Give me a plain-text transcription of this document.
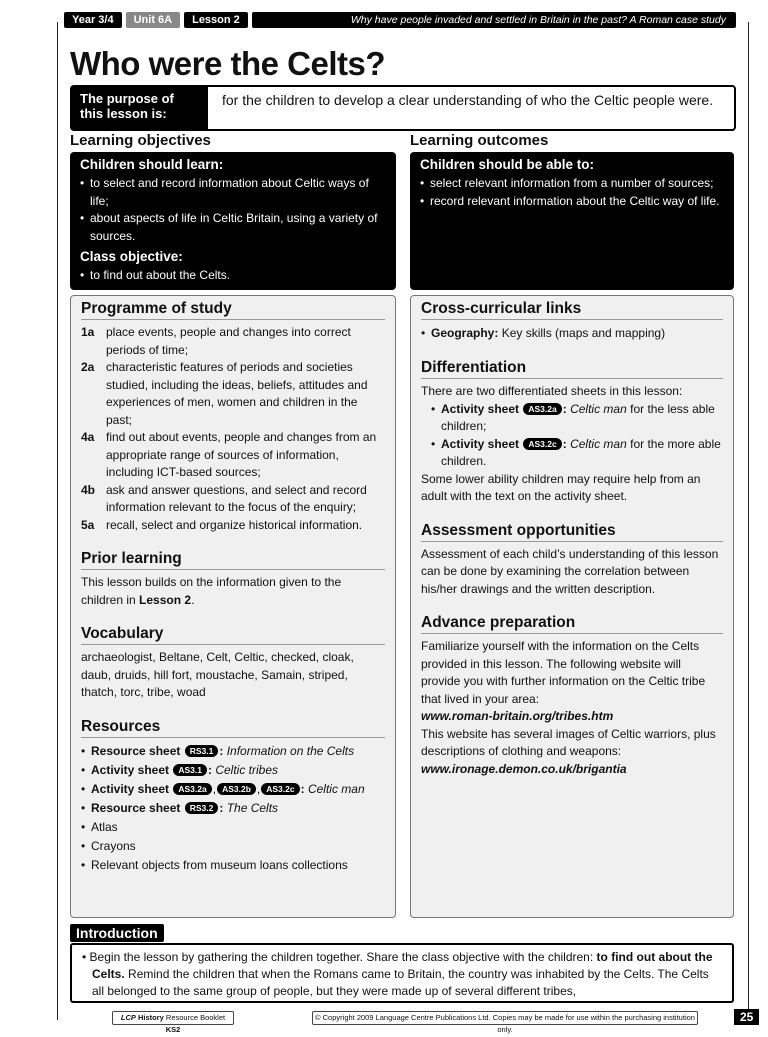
Year 3/4	Unit 6A	Lesson 2	Why have people invaded and settled in Britain in the past? A Roman case study
Who were the Celts?
The purpose of this lesson is:
for the children to develop a clear understanding of who the Celtic people were.
Learning objectives	Learning outcomes
Children should learn:
• to select and record information about Celtic ways of life;
• about aspects of life in Celtic Britain, using a variety of sources.
Class objective:
• to find out about the Celts.
Children should be able to:
• select relevant information from a number of sources;
• record relevant information about the Celtic way of life.
Programme of study
1a place events, people and changes into correct periods of time;
2a characteristic features of periods and societies studied, including the ideas, beliefs, attitudes and experiences of men, women and children in the past;
4a find out about events, people and changes from an appropriate range of sources of information, including ICT-based sources;
4b ask and answer questions, and select and record information relevant to the focus of the enquiry;
5a recall, select and organize historical information.
Prior learning

This lesson builds on the information given to the children in Lesson 2.

Vocabulary

archaeologist, Beltane, Celt, Celtic, checked, cloak, daub, druids, hill fort, moustache, Samain, striped, thatch, torc, tribe, woad

Resources
• Resource sheet RS3.1 : Information on the Celts
• Activity sheet AS3.1 : Celtic tribes
• Activity sheet AS3.2a , AS3.2b , AS3.2c : Celtic man
• Resource sheet RS3.2 : The Celts
• Atlas
• Crayons
• Relevant objects from museum loans collections
Cross-curricular links
• Geography: Key skills (maps and mapping)
Differentiation

There are two differentiated sheets in this lesson:

• Activity sheet AS3.2a : Celtic man for the less able children;
• Activity sheet AS3.2c : Celtic man for the more able children.

Some lower ability children may require help from an adult with the text on the activity sheet.

Assessment opportunities

Assessment of each child’s understanding of this lesson can be done by examining the correlation between his/her drawings and the written description.

Advance preparation

Familiarize yourself with the information on the Celts provided in this lesson. The following website will provide you with further information on the Celtic tribe that lived in your area:

www.roman-britain.org/tribes.htm

This website has several images of Celtic warriors, plus descriptions of clothing and weapons:

www.ironage.demon.co.uk/brigantia

Introduction
• Begin the lesson by gathering the children together. Share the class objective with the children: to find out about the Celts. Remind the children that when the Romans came to Britain, the country was inhabited by the Celts. The Celts all belonged to the same group of people, but they were made up of several different tribes,
LCP History Resource Booklet KS2
© Copyright 2009 Language Centre Publications Ltd. Copies may be made for use within the purchasing institution only.
25
